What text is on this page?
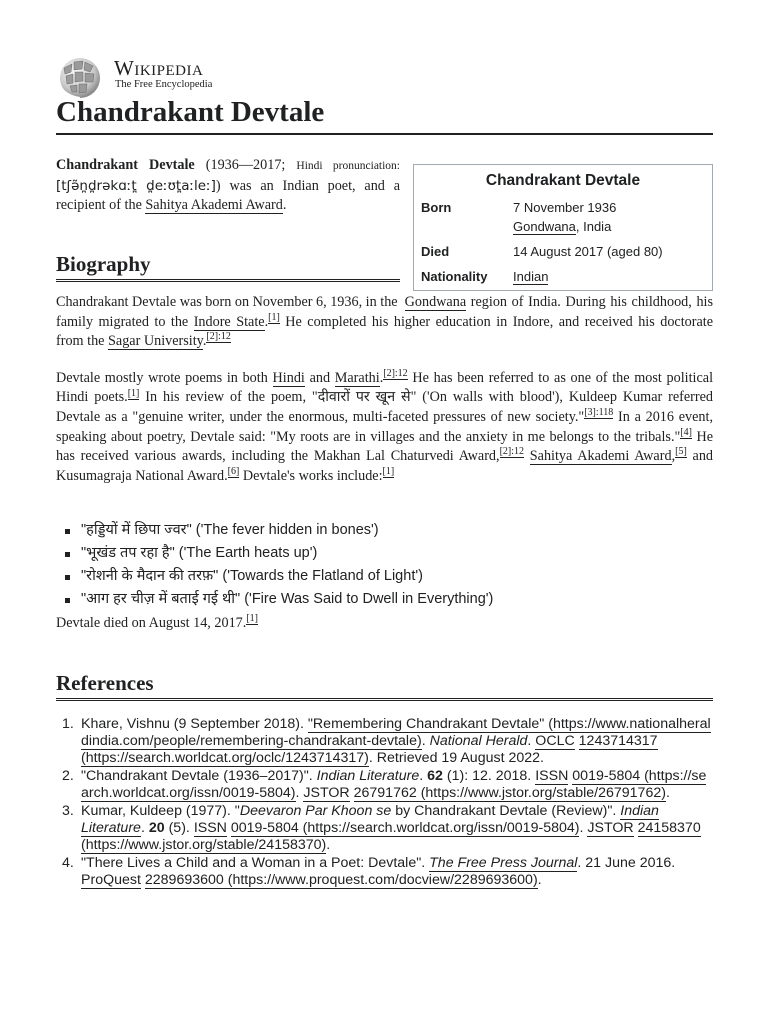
Wikipedia
The Free Encyclopedia
Chandrakant Devtale
Chandrakant Devtale (1936—2017; Hindi pronunciation: [tʃə̃n̪d̪rəkɑːt̪ d̪eːʊt̪aːleː]) was an Indian poet, and a recipient of the Sahitya Akademi Award.
Chandrakant Devtale
Born	7 November 1936
Gondwana, India
Died	14 August 2017 (aged 80)
Nationality	Indian
Biography

Chandrakant Devtale was born on November 6, 1936, in the Gondwana region of India. During his childhood, his family migrated to the Indore State.[1] He completed his higher education in Indore, and received his doctorate from the Sagar University.$^{[2]:12}$

Devtale mostly wrote poems in both Hindi and Marathi.$^{[2]:12}$ He has been referred to as one of the most political Hindi poets.[1] In his review of the poem, "दीवारों पर खून से" ('On walls with blood'), Kuldeep Kumar referred Devtale as a "genuine writer, under the enormous, multi-faceted pressures of new society."$^{[3]:118}$ In a 2016 event, speaking about poetry, Devtale said: "My roots are in villages and the anxiety in me belongs to the tribals."[4] He has received various awards, including the Makhan Lal Chaturvedi Award,$^{[2]:12}$ Sahitya Akademi Award,[5] and Kusumagraja National Award.[6] Devtale's works include:[1]

"हड्डियों में छिपा ज्वर" ('The fever hidden in bones')
"भूखंड तप रहा है" ('The Earth heats up')
"रोशनी के मैदान की तरफ़" ('Towards the Flatland of Light')
"आग हर चीज़ में बताई गई थी" ('Fire Was Said to Dwell in Everything')
Devtale died on August 14, 2017.[1]
References
1. Khare, Vishnu (9 September 2018). "Remembering Chandrakant Devtale" (https://www.nationalheraldindia.com/people/remembering-chandrakant-devtale). National Herald. OCLC 1243714317 (https://search.worldcat.org/oclc/1243714317). Retrieved 19 August 2022.
2. "Chandrakant Devtale (1936–2017)". Indian Literature. 62 (1): 12. 2018. ISSN 0019-5804 (https://search.worldcat.org/issn/0019-5804). JSTOR 26791762 (https://www.jstor.org/stable/26791762).
3. Kumar, Kuldeep (1977). "Deevaron Par Khoon se by Chandrakant Devtale (Review)". Indian Literature. 20 (5). ISSN 0019-5804 (https://search.worldcat.org/issn/0019-5804). JSTOR 24158370 (https://www.jstor.org/stable/24158370).
4. "There Lives a Child and a Woman in a Poet: Devtale". The Free Press Journal. 21 June 2016. ProQuest 2289693600 (https://www.proquest.com/docview/2289693600).
